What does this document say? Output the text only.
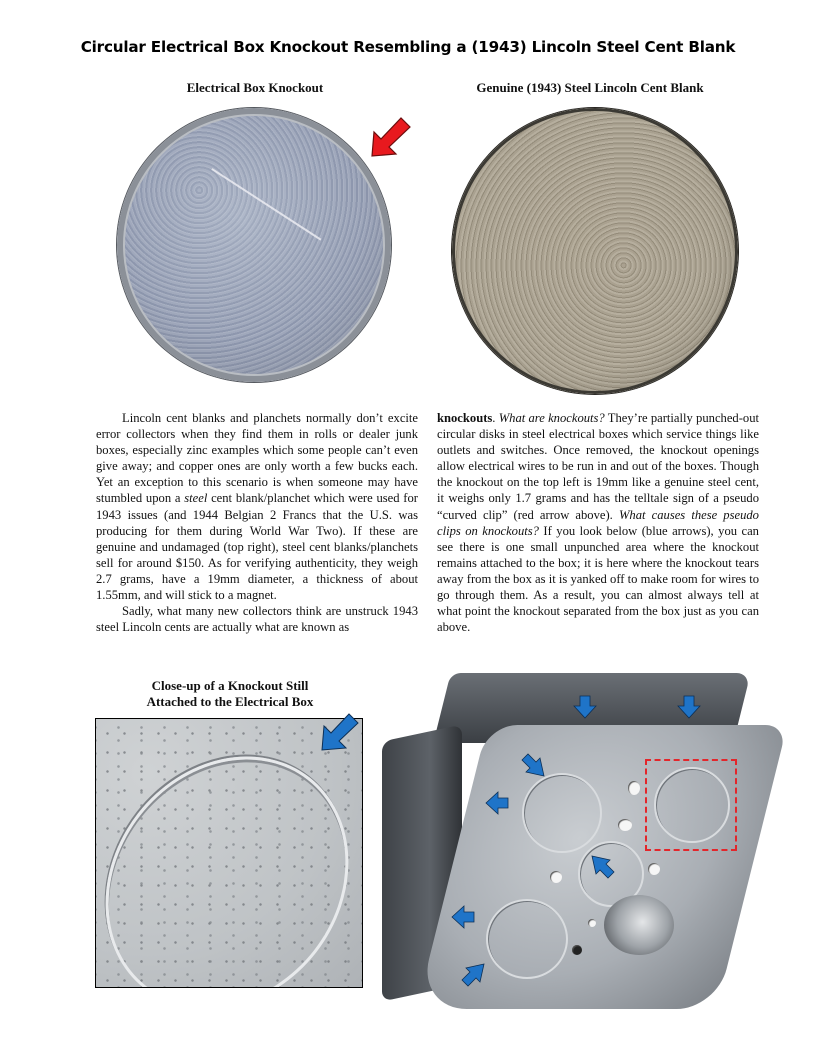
Circular Electrical Box Knockout Resembling a (1943) Lincoln Steel Cent Blank
Electrical Box Knockout	Genuine (1943) Steel Lincoln Cent Blank

Lincoln cent blanks and planchets normally don’t excite error collectors when they find them in rolls or dealer junk boxes, especially zinc examples which some people can’t even give away; and copper ones are only worth a few bucks each. Yet an exception to this scenario is when someone may have stumbled upon a steel cent blank/planchet which were used for 1943 issues (and 1944 Belgian 2 Francs that the U.S. was producing for them during World War Two). If these are genuine and undamaged (top right), steel cent blanks/planchets sell for around $150. As for verifying authenticity, they weigh 2.7 grams, have a 19mm diameter, a thickness of about 1.55mm, and will stick to a magnet.

Sadly, what many new collectors think are unstruck 1943 steel Lincoln cents are actually what are known as

knockouts. What are knockouts? They’re partially punched-out circular disks in steel electrical boxes which service things like outlets and switches. Once removed, the knockout openings allow electrical wires to be run in and out of the boxes. Though the knockout on the top left is 19mm like a genuine steel cent, it weighs only 1.7 grams and has the telltale sign of a pseudo “curved clip” (red arrow above). What causes these pseudo clips on knockouts? If you look below (blue arrows), you can see there is one small unpunched area where the knockout remains attached to the box; it is here where the knockout tears away from the box as it is yanked off to make room for wires to go through them. As a result, you can almost always tell at what point the knockout separated from the box just as you can above.

Close-up of a Knockout Still
Attached to the Electrical Box
